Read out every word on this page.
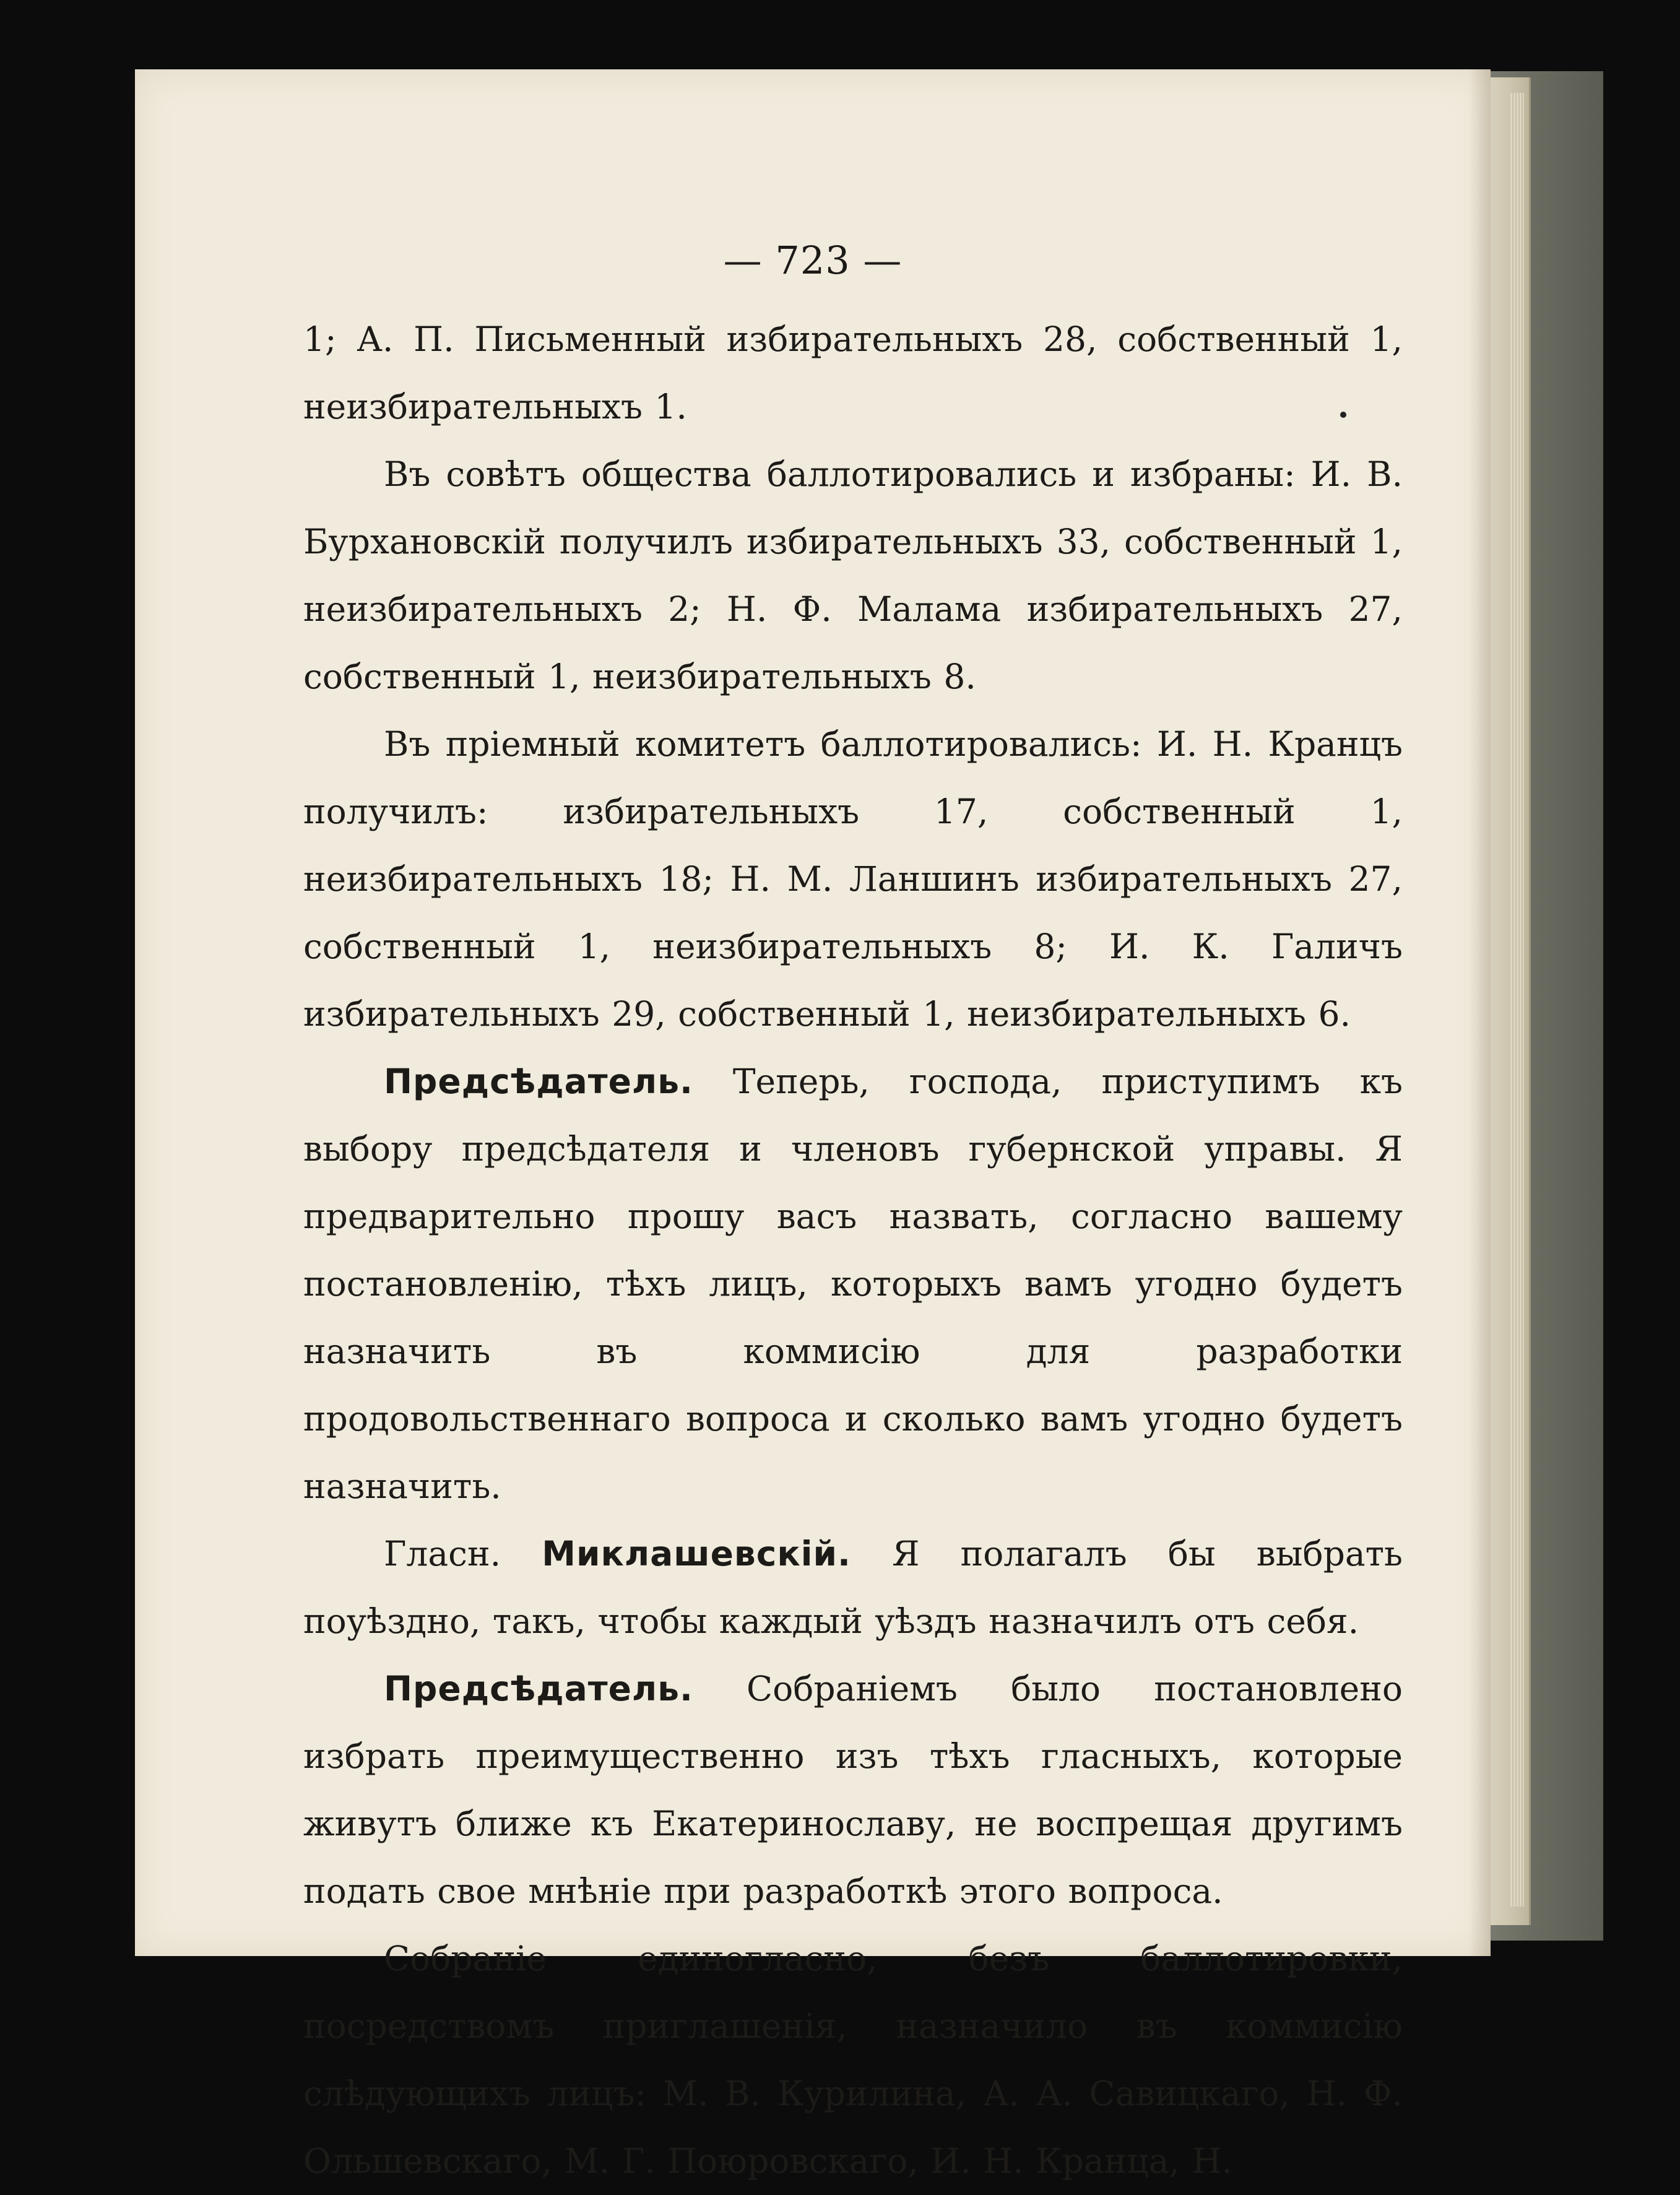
— 723 —

1; А. П. Письменный избирательныхъ 28, собственный 1, неизбирательныхъ 1.

Въ совѣтъ общества баллотировались и избраны: И. В. Бурхановскій получилъ избирательныхъ 33, собственный 1, неизбирательныхъ 2; Н. Ф. Малама избирательныхъ 27, собственный 1, неизбирательныхъ 8.

Въ пріемный комитетъ баллотировались: И. Н. Кранцъ получилъ: избирательныхъ 17, собственный 1, неизбирательныхъ 18; Н. М. Ланшинъ избирательныхъ 27, собственный 1, неизбирательныхъ 8; И. К. Галичъ избирательныхъ 29, собственный 1, неизбирательныхъ 6.

Предсѣдатель. Теперь, господа, приступимъ къ выбору предсѣдателя и членовъ губернской управы. Я предварительно прошу васъ назвать, согласно вашему постановленію, тѣхъ лицъ, которыхъ вамъ угодно будетъ назначить въ коммисію для разработки продовольственнаго вопроса и сколько вамъ угодно будетъ назначить.

Гласн. Миклашевскій. Я полагалъ бы выбрать поуѣздно, такъ, чтобы каждый уѣздъ назначилъ отъ себя.

Предсѣдатель. Собраніемъ было постановлено избрать преимущественно изъ тѣхъ гласныхъ, которые живутъ ближе къ Екатеринославу, не воспрещая другимъ подать свое мнѣніе при разработкѣ этого вопроса.

Собраніе единогласно, безъ баллотировки, посредствомъ приглашенія, назначило въ коммисію слѣдующихъ лицъ: М. В. Курилина, А. А. Савицкаго, Н. Ф. Ольшевскаго, М. Г. Поюровскаго, И. Н. Кранца, Н.
